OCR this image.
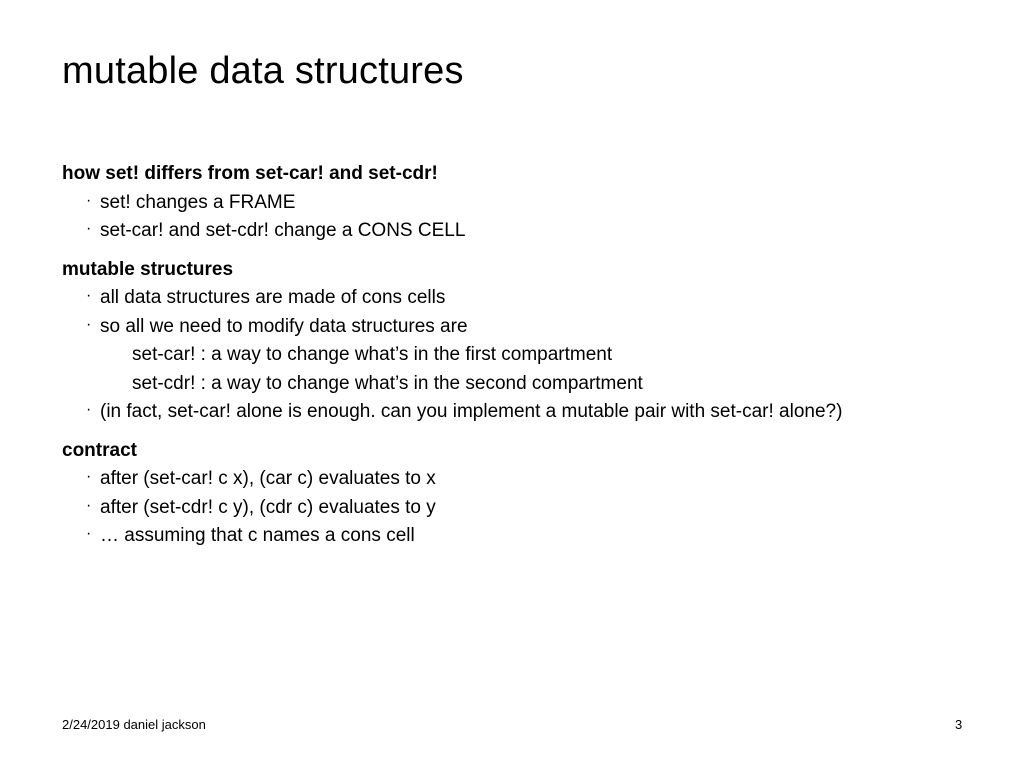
mutable data structures
how set! differs from set-car! and set-cdr!
· set! changes a FRAME
· set-car! and set-cdr! change a CONS CELL
mutable structures
· all data structures are made of cons cells
· so all we need to modify data structures are
set-car! : a way to change what’s in the first compartment
set-cdr! : a way to change what’s in the second compartment
· (in fact, set-car! alone is enough. can you implement a mutable pair with set-car! alone?)
contract
· after (set-car! c x), (car c) evaluates to x
· after (set-cdr! c y), (cdr c) evaluates to y
· … assuming that c names a cons cell
2/24/2019 daniel jackson	3
